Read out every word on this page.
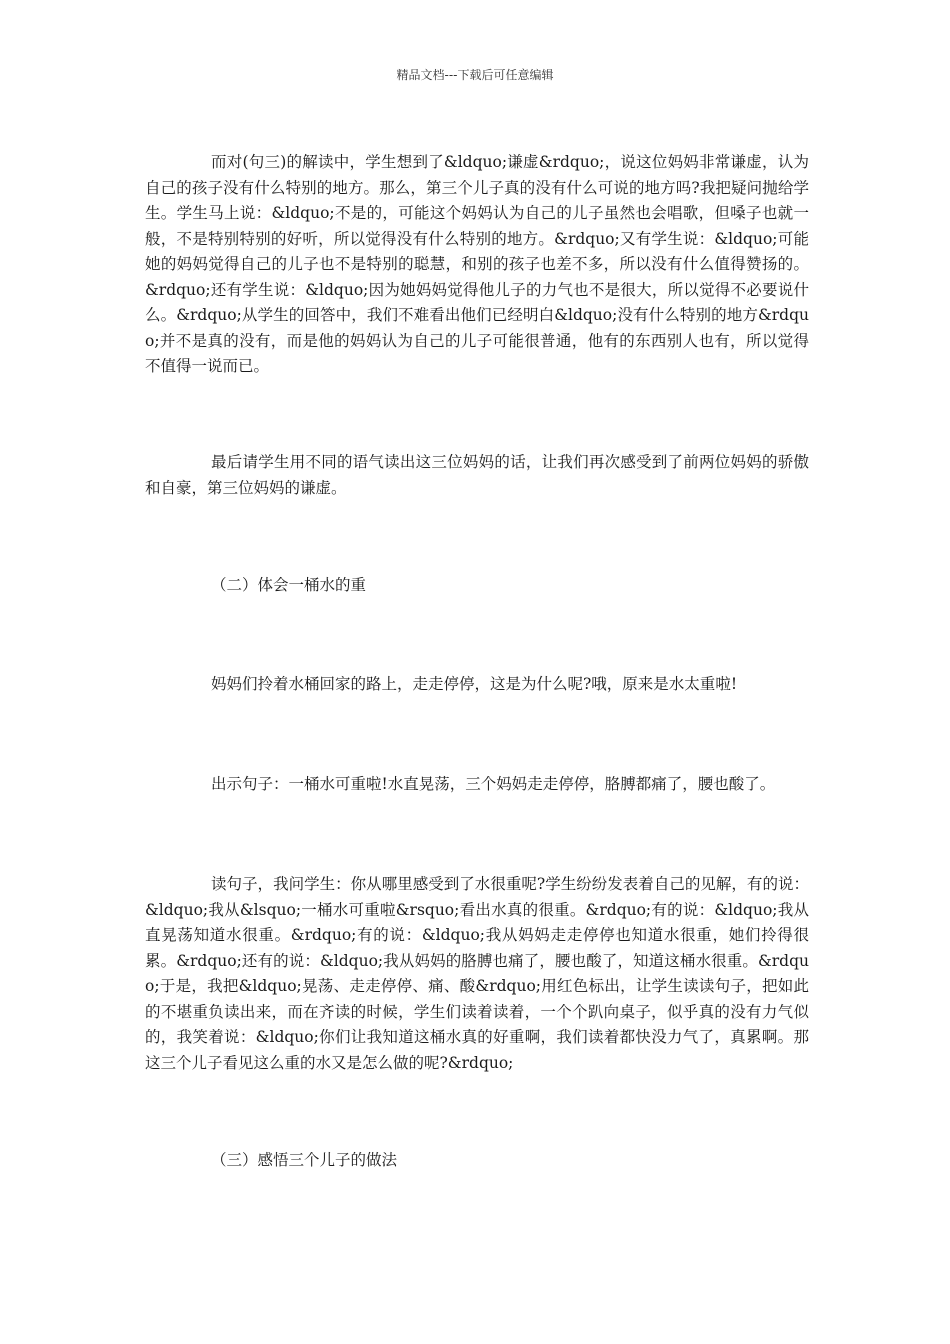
精品文档---下载后可任意编辑

而对(句三)的解读中，学生想到了&ldquo;谦虚&rdquo;，说这位妈妈非常谦虚，认为自己的孩子没有什么特别的地方。那么，第三个儿子真的没有什么可说的地方吗?我把疑问抛给学生。学生马上说：&ldquo;不是的，可能这个妈妈认为自己的儿子虽然也会唱歌，但嗓子也就一般，不是特别特别的好听，所以觉得没有什么特别的地方。&rdquo;又有学生说：&ldquo;可能她的妈妈觉得自己的儿子也不是特别的聪慧，和别的孩子也差不多，所以没有什么值得赞扬的。&rdquo;还有学生说：&ldquo;因为她妈妈觉得他儿子的力气也不是很大，所以觉得不必要说什么。&rdquo;从学生的回答中，我们不难看出他们已经明白&ldquo;没有什么特别的地方&rdquo;并不是真的没有，而是他的妈妈认为自己的儿子可能很普通，他有的东西别人也有，所以觉得不值得一说而已。

最后请学生用不同的语气读出这三位妈妈的话，让我们再次感受到了前两位妈妈的骄傲和自豪，第三位妈妈的谦虚。

（二）体会一桶水的重

妈妈们拎着水桶回家的路上，走走停停，这是为什么呢?哦，原来是水太重啦!

出示句子：一桶水可重啦!水直晃荡，三个妈妈走走停停，胳膊都痛了，腰也酸了。

读句子，我问学生：你从哪里感受到了水很重呢?学生纷纷发表着自己的见解，有的说：&ldquo;我从&lsquo;一桶水可重啦&rsquo;看出水真的很重。&rdquo;有的说：&ldquo;我从直晃荡知道水很重。&rdquo;有的说：&ldquo;我从妈妈走走停停也知道水很重，她们拎得很累。&rdquo;还有的说：&ldquo;我从妈妈的胳膊也痛了，腰也酸了，知道这桶水很重。&rdquo;于是，我把&ldquo;晃荡、走走停停、痛、酸&rdquo;用红色标出，让学生读读句子，把如此的不堪重负读出来，而在齐读的时候，学生们读着读着，一个个趴向桌子，似乎真的没有力气似的，我笑着说：&ldquo;你们让我知道这桶水真的好重啊，我们读着都快没力气了，真累啊。那这三个儿子看见这么重的水又是怎么做的呢?&rdquo;

（三）感悟三个儿子的做法
